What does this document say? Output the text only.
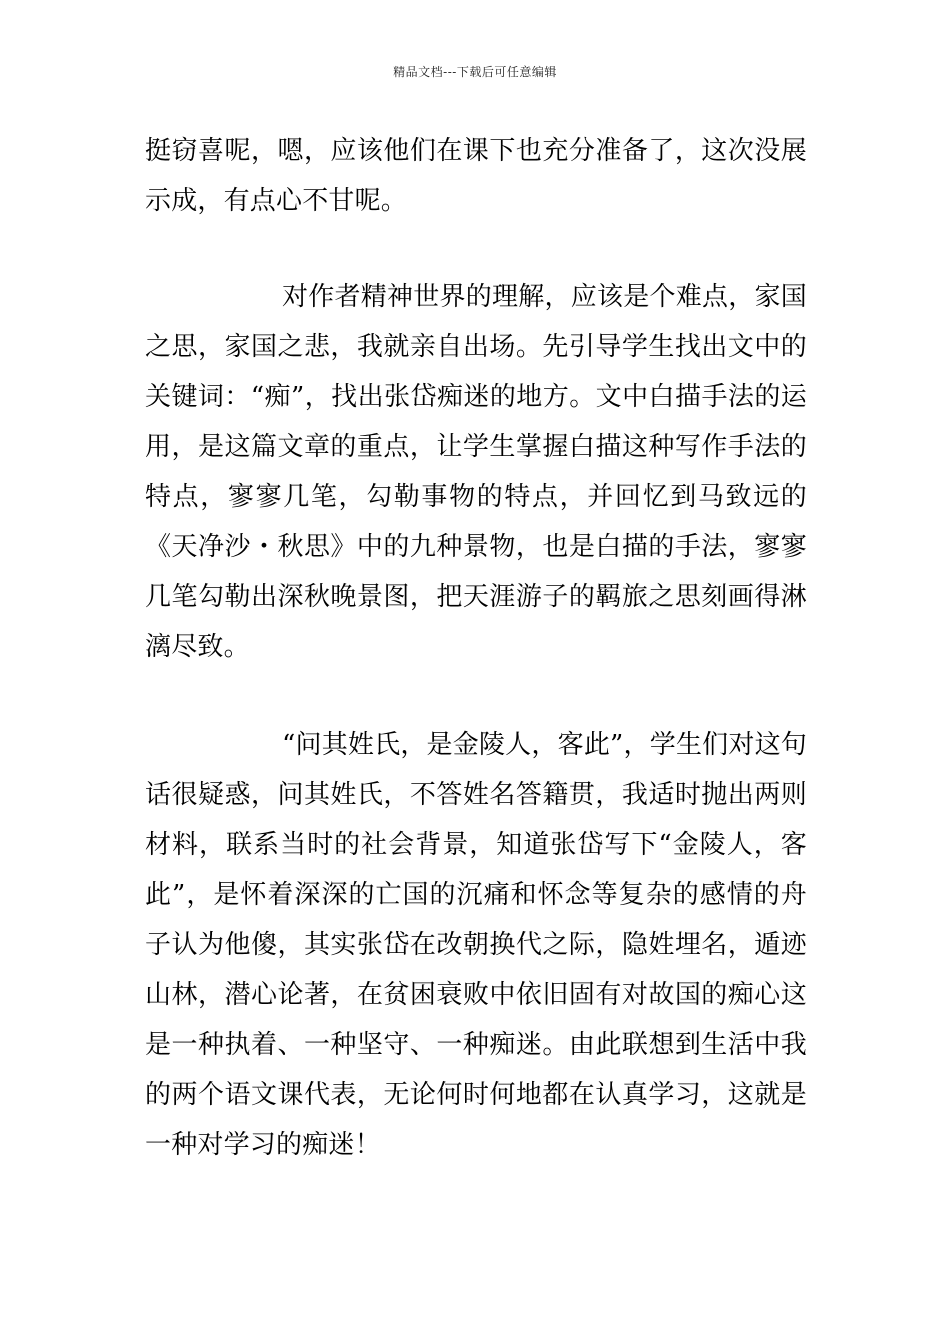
精品文档---下载后可任意编辑

挺窃喜呢，嗯，应该他们在课下也充分准备了，这次没展示成，有点心不甘呢。

对作者精神世界的理解，应该是个难点，家国之思，家国之悲，我就亲自出场。先引导学生找出文中的关键词：“痴”，找出张岱痴迷的地方。文中白描手法的运用，是这篇文章的重点，让学生掌握白描这种写作手法的特点，寥寥几笔，勾勒事物的特点，并回忆到马致远的《天净沙・秋思》中的九种景物，也是白描的手法，寥寥几笔勾勒出深秋晚景图，把天涯游子的羁旅之思刻画得淋漓尽致。

“问其姓氏，是金陵人，客此”，学生们对这句话很疑惑，问其姓氏，不答姓名答籍贯，我适时抛出两则材料，联系当时的社会背景，知道张岱写下“金陵人，客此”，是怀着深深的亡国的沉痛和怀念等复杂的感情的舟子认为他傻，其实张岱在改朝换代之际，隐姓埋名，遁迹山林，潜心论著，在贫困衰败中依旧固有对故国的痴心这是一种执着、一种坚守、一种痴迷。由此联想到生活中我的两个语文课代表，无论何时何地都在认真学习，这就是一种对学习的痴迷！
